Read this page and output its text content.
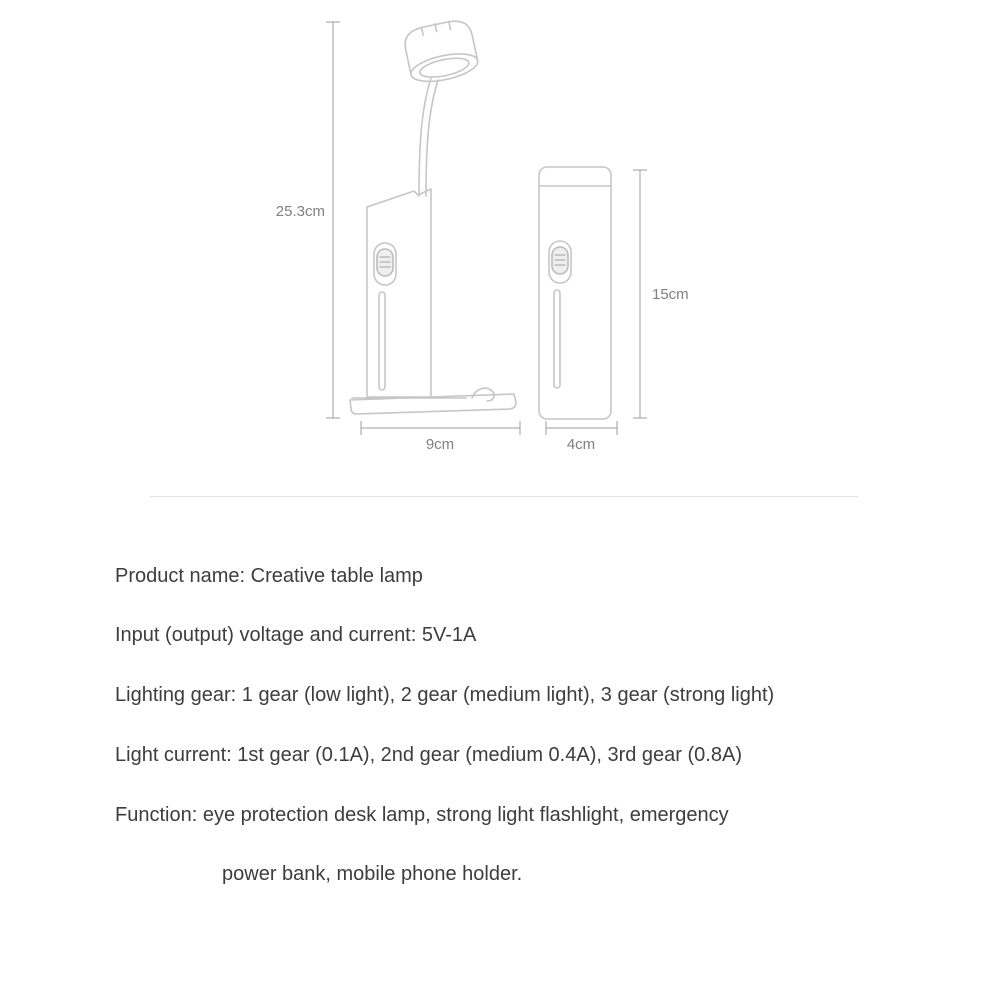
25.3cm
9cm
15cm
4cm
Product name: Creative table lamp
Input (output) voltage and current: 5V-1A
Lighting gear: 1 gear (low light), 2 gear (medium light), 3 gear (strong light)
Light current: 1st gear (0.1A), 2nd gear (medium 0.4A), 3rd gear (0.8A)
Function: eye protection desk lamp, strong light flashlight, emergency
power bank, mobile phone holder.
